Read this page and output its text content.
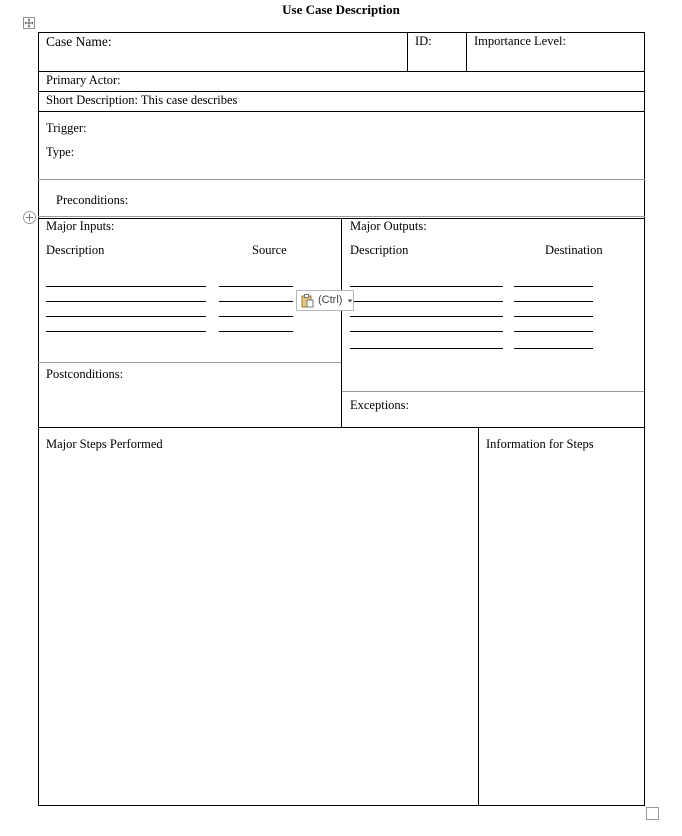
Use Case Description
Case Name:	ID:	Importance Level:
Primary Actor:
Short Description: This case describes
Trigger:
Type:
Preconditions:
Major Inputs:
Description	Source
Major Outputs:
Description	Destination
Postconditions:
Exceptions:
Major Steps Performed	Information for Steps
(Ctrl)
